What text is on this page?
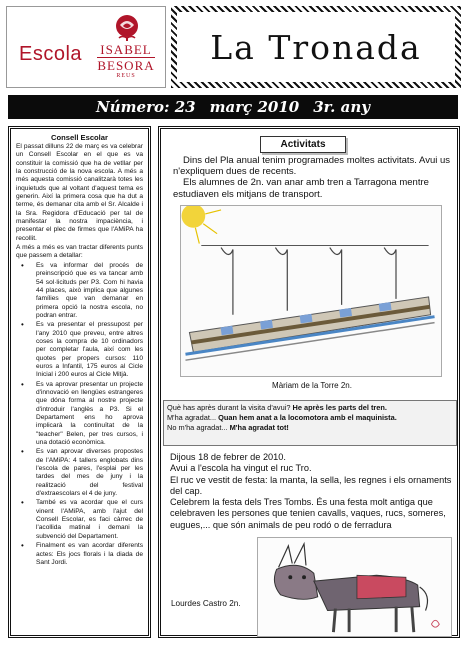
Escola ISABEL
BESORA
REUS
La Tronada
Número: 23 març 2010 3r. any
Consell Escolar

El passat dilluns 22 de març es va celebrar un Consell Escolar en el que es va constituir la comissió que ha de vetllar per la construcció de la nova escola. A més a més aquesta comissió canalitzarà totes les inquietuds que al voltant d'aquest tema es generin. Així la primera cosa que ha dut a terme, és demanar cita amb el Sr. Alcalde i la Sra. Regidora d'Educació per tal de manifestar la nostra impaciència, i presentar el plec de firmes que l'AMiPA ha recollit.

A més a més es van tractar diferents punts que passem a detallar:

• Es va informar del procés de preinscripció que es va tancar amb 54 sol·licituds per P3. Com hi havia 44 places, això implica que algunes famílies que van demanar en primera opció la nostra escola, no podran entrar.
• Es va presentar el pressupost per l'any 2010 que preveu, entre altres coses la compra de 10 ordinadors per completar l'aula, així com les quotes per propers cursos: 110 euros a Infantil, 175 euros al Cicle Inicial i 200 euros al Cicle Mitjà.
• Es va aprovar presentar un projecte d'innovació en llengües estrangeres que dóna forma al nostre projecte d'introduir l'anglès a P3. Si el Departament ens ho aprova implicarà la continuïtat de la "teacher" Belen, per tres cursos, i una dotació econòmica.
• Es van aprovar diverses propostes de l'AMiPA: 4 tallers englobats dins l'escola de pares, l'esplai per les tardes del mes de juny i la realització del festival d'extraescolars el 4 de juny.
• També es va acordar que el curs vinent l'AMiPA, amb l'ajut del Consell Escolar, es faci càrrec de l'acollida matinal i demani la subvenció del Departament.
• Finalment es van acordar diferents actes: Els jocs florals i la diada de Sant Jordi.
Activitats

Dins del Pla anual tenim programades moltes activitats. Avui us n'expliquem dues de recents.

Els alumnes de 2n. van anar amb tren a Tarragona mentre estudiaven els mitjans de transport.

Màriam de la Torre 2n.
Què has après durant la visita d'avui? He après les parts del tren.
M'ha agradat... Quan hem anat a la locomotora amb el maquinista.
No m'ha agradat... M'ha agradat tot!

Dijous 18 de febrer de 2010.

Avui a l'escola ha vingut el ruc Tro.

El ruc ve vestit de festa: la manta, la sella, les regnes i els ornaments del cap.

Celebrem la festa dels Tres Tombs. És una festa molt antiga que celebraven les persones que tenien cavalls, vaques, rucs, someres, eugues,... que són animals de peu rodó o de ferradura

Lourdes Castro 2n.
